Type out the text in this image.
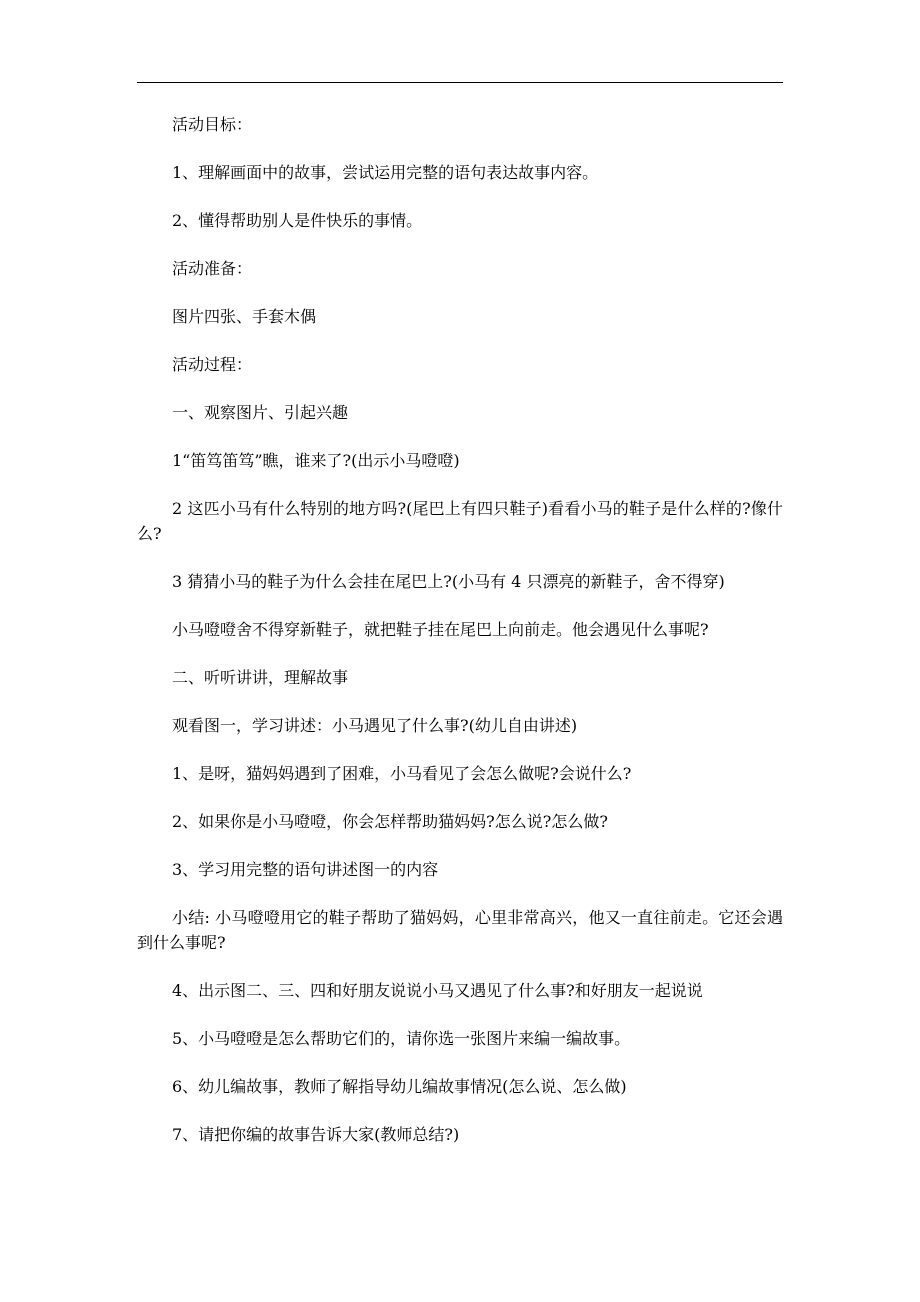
活动目标：

1、理解画面中的故事，尝试运用完整的语句表达故事内容。

2、懂得帮助别人是件快乐的事情。

活动准备：

图片四张、手套木偶

活动过程：

一、观察图片、引起兴趣

1“笛笃笛笃”瞧，谁来了?(出示小马噔噔)

2 这匹小马有什么特别的地方吗?(尾巴上有四只鞋子)看看小马的鞋子是什么样的?像什么?

3 猜猜小马的鞋子为什么会挂在尾巴上?(小马有 4 只漂亮的新鞋子，舍不得穿)

小马噔噔舍不得穿新鞋子，就把鞋子挂在尾巴上向前走。他会遇见什么事呢?

二、听听讲讲，理解故事

观看图一，学习讲述：小马遇见了什么事?(幼儿自由讲述)

1、是呀，猫妈妈遇到了困难，小马看见了会怎么做呢?会说什么?

2、如果你是小马噔噔，你会怎样帮助猫妈妈?怎么说?怎么做?

3、学习用完整的语句讲述图一的内容

小结: 小马噔噔用它的鞋子帮助了猫妈妈，心里非常高兴，他又一直往前走。它还会遇到什么事呢?

4、出示图二、三、四和好朋友说说小马又遇见了什么事?和好朋友一起说说

5、小马噔噔是怎么帮助它们的，请你选一张图片来编一编故事。

6、幼儿编故事，教师了解指导幼儿编故事情况(怎么说、怎么做)

7、请把你编的故事告诉大家(教师总结?)
